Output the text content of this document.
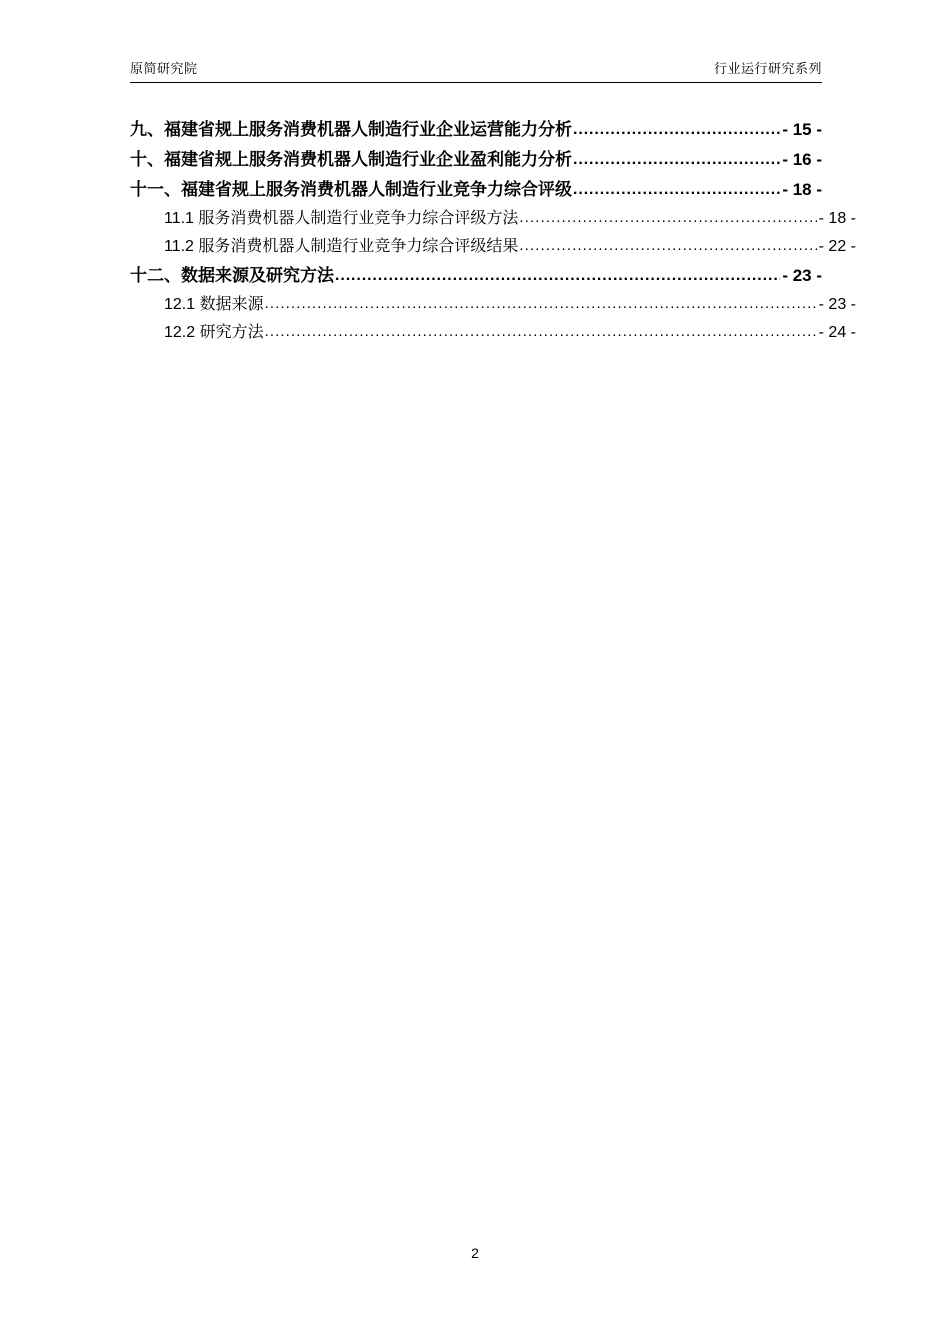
原简研究院	行业运行研究系列
九、福建省规上服务消费机器人制造行业企业运营能力分析 .....	- 15 -
十、福建省规上服务消费机器人制造行业企业盈利能力分析 .....	- 16 -
十一、福建省规上服务消费机器人制造行业竞争力综合评级 .....	- 18 -
11.1 服务消费机器人制造行业竞争力综合评级方法 .....	- 18 -
11.2 服务消费机器人制造行业竞争力综合评级结果 .....	- 22 -
十二、数据来源及研究方法 .....	- 23 -
12.1 数据来源 .....	- 23 -
12.2 研究方法 .....	- 24 -
2
